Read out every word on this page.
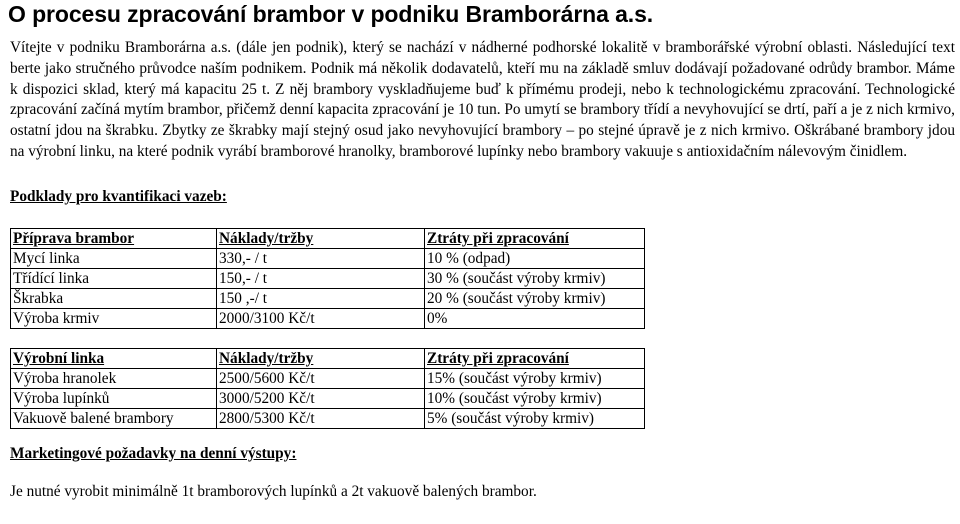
O procesu zpracování brambor v podniku Bramborárna a.s.

Vítejte v podniku Bramborárna a.s. (dále jen podnik), který se nachází v nádherné podhorské lokalitě v bramborářské výrobní oblasti. Následující text berte jako stručného průvodce naším podnikem. Podnik má několik dodavatelů, kteří mu na základě smluv dodávají požadované odrůdy brambor. Máme k dispozici sklad, který má kapacitu 25 t. Z něj brambory vyskladňujeme buď k přímému prodeji, nebo k technologickému zpracování. Technologické zpracování začíná mytím brambor, přičemž denní kapacita zpracování je 10 tun. Po umytí se brambory třídí a nevyhovující se drtí, paří a je z nich krmivo, ostatní jdou na škrabku. Zbytky ze škrabky mají stejný osud jako nevyhovující brambory – po stejné úpravě je z nich krmivo. Oškrábané brambory jdou na výrobní linku, na které podnik vyrábí bramborové hranolky, bramborové lupínky nebo brambory vakuuje s antioxidačním nálevovým činidlem.

Podklady pro kvantifikaci vazeb:

Příprava brambor	Náklady/tržby	Ztráty při zpracování
Mycí linka	330,- / t	10 % (odpad)
Třídící linka	150,- / t	30 % (součást výroby krmiv)
Škrabka	150 ,-/ t	20 % (součást výroby krmiv)
Výroba krmiv	2000/3100 Kč/t	0%
Výrobní linka	Náklady/tržby	Ztráty při zpracování
Výroba hranolek	2500/5600 Kč/t	15% (součást výroby krmiv)
Výroba lupínků	3000/5200 Kč/t	10% (součást výroby krmiv)
Vakuově balené brambory	2800/5300 Kč/t	5% (součást výroby krmiv)

Marketingové požadavky na denní výstupy:

Je nutné vyrobit minimálně 1t bramborových lupínků a 2t vakuově balených brambor.
